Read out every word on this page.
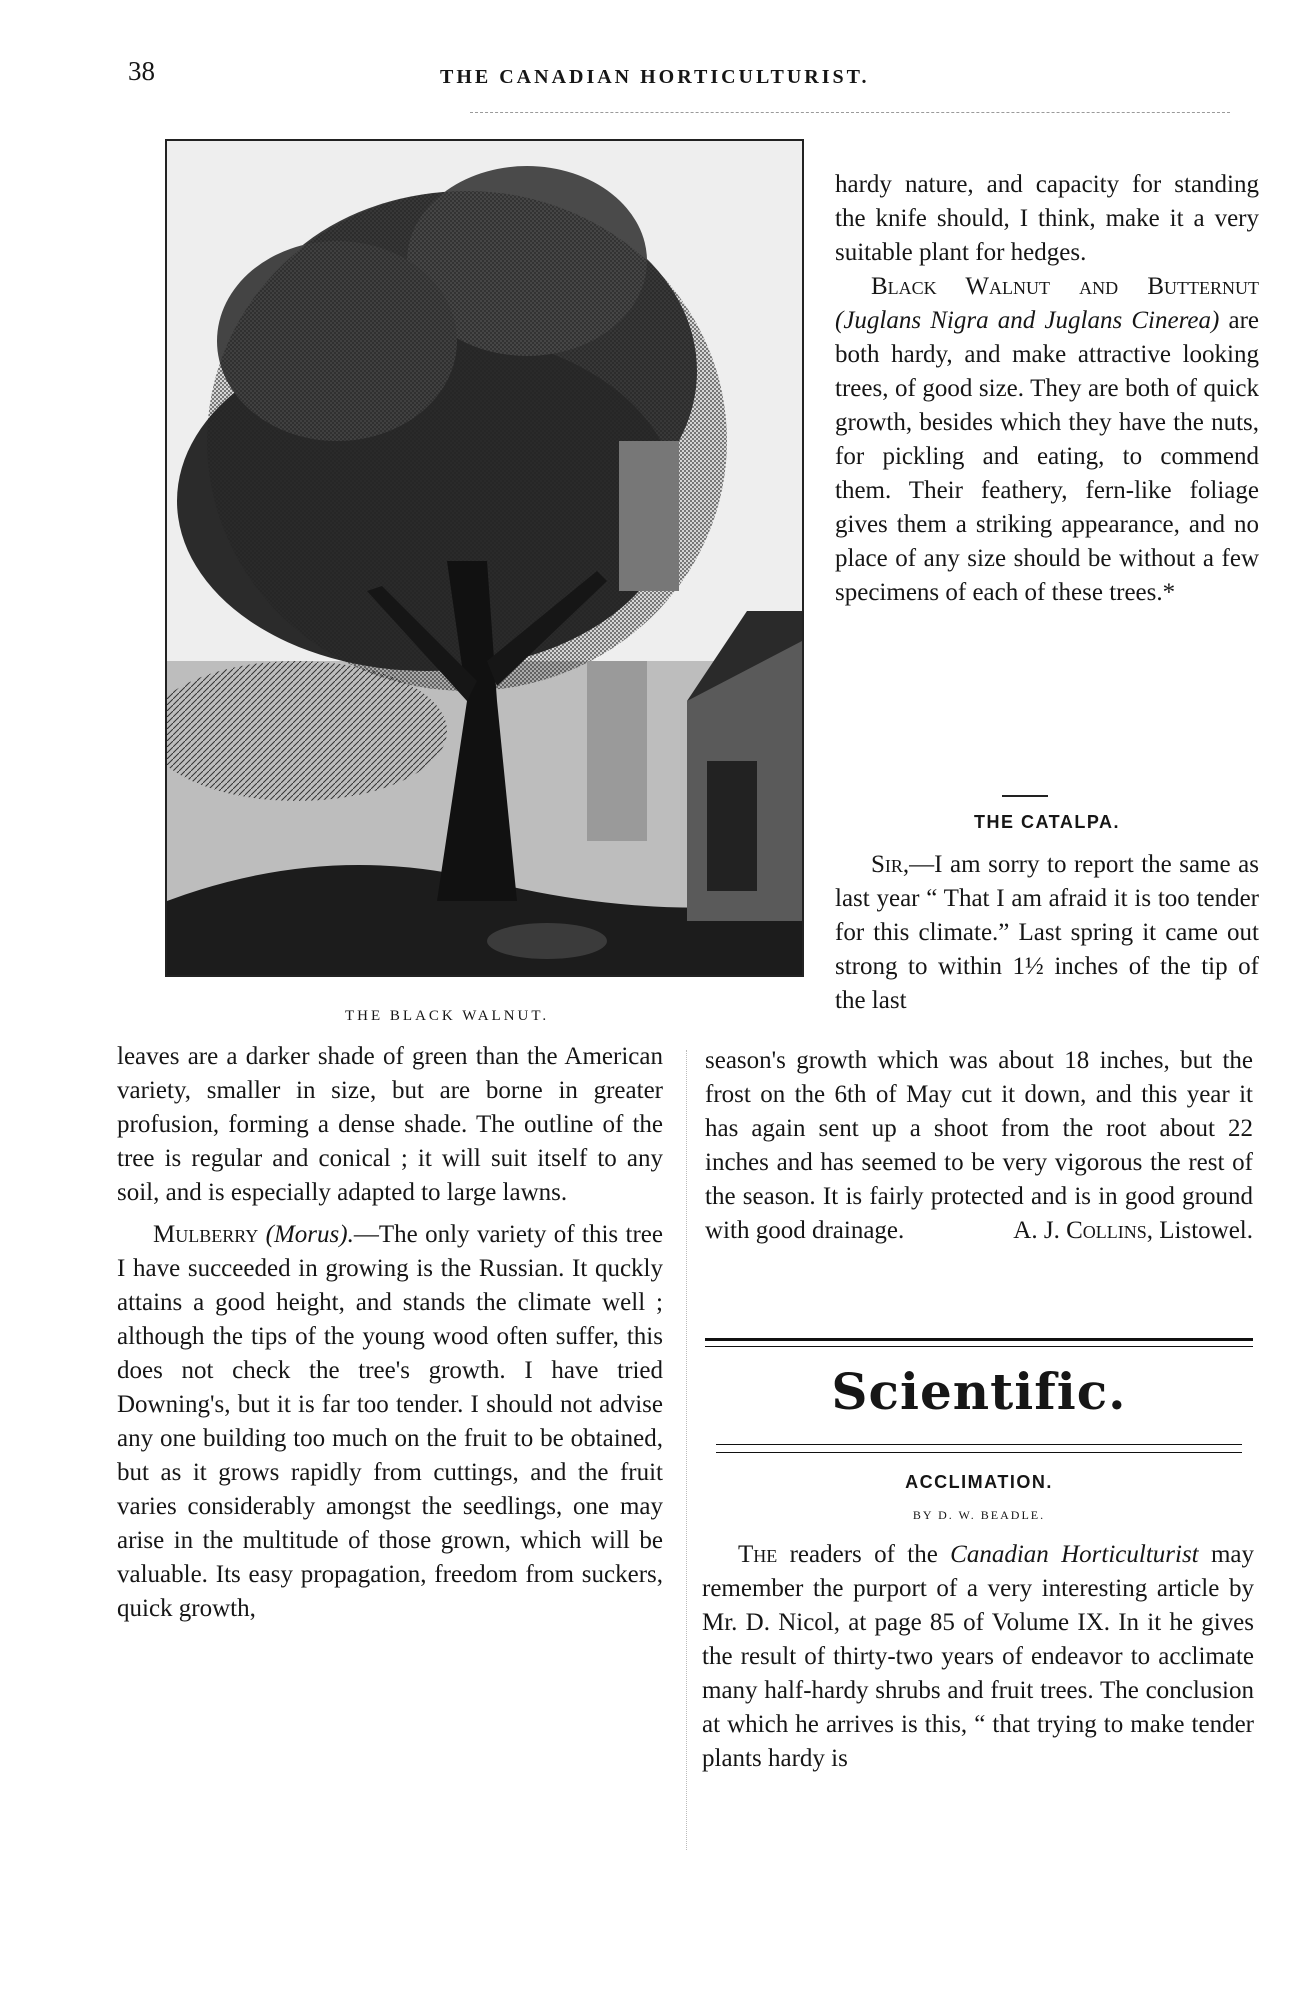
38	THE CANADIAN HORTICULTURIST.
THE BLACK WALNUT.

hardy nature, and capacity for standing the knife should, I think, make it a very suitable plant for hedges.

Black Walnut and Butternut (Juglans Nigra and Juglans Cinerea) are both hardy, and make attractive looking trees, of good size. They are both of quick growth, besides which they have the nuts, for pickling and eating, to commend them. Their feathery, fern-like foliage gives them a striking appearance, and no place of any size should be without a few specimens of each of these trees.*

THE CATALPA.

Sir,—I am sorry to report the same as last year “ That I am afraid it is too tender for this climate.” Last spring it came out strong to within 1½ inches of the tip of the last

leaves are a darker shade of green than the American variety, smaller in size, but are borne in greater profusion, forming a dense shade. The outline of the tree is regular and conical ; it will suit itself to any soil, and is especially adapted to large lawns.

Mulberry (Morus).—The only variety of this tree I have succeeded in growing is the Russian. It quckly attains a good height, and stands the climate well ; although the tips of the young wood often suffer, this does not check the tree's growth. I have tried Downing's, but it is far too tender. I should not advise any one building too much on the fruit to be obtained, but as it grows rapidly from cuttings, and the fruit varies considerably amongst the seedlings, one may arise in the multitude of those grown, which will be valuable. Its easy propagation, freedom from suckers, quick growth,

season's growth which was about 18 inches, but the frost on the 6th of May cut it down, and this year it has again sent up a shoot from the root about 22 inches and has seemed to be very vigorous the rest of the season. It is fairly protected and is in good ground with good drainage.	A. J. Collins, Listowel.

Scientific.
ACCLIMATION.
BY D. W. BEADLE.

The readers of the Canadian Horticulturist may remember the purport of a very interesting article by Mr. D. Nicol, at page 85 of Volume IX. In it he gives the result of thirty-two years of endeavor to acclimate many half-hardy shrubs and fruit trees. The conclusion at which he arrives is this, “ that trying to make tender plants hardy is
